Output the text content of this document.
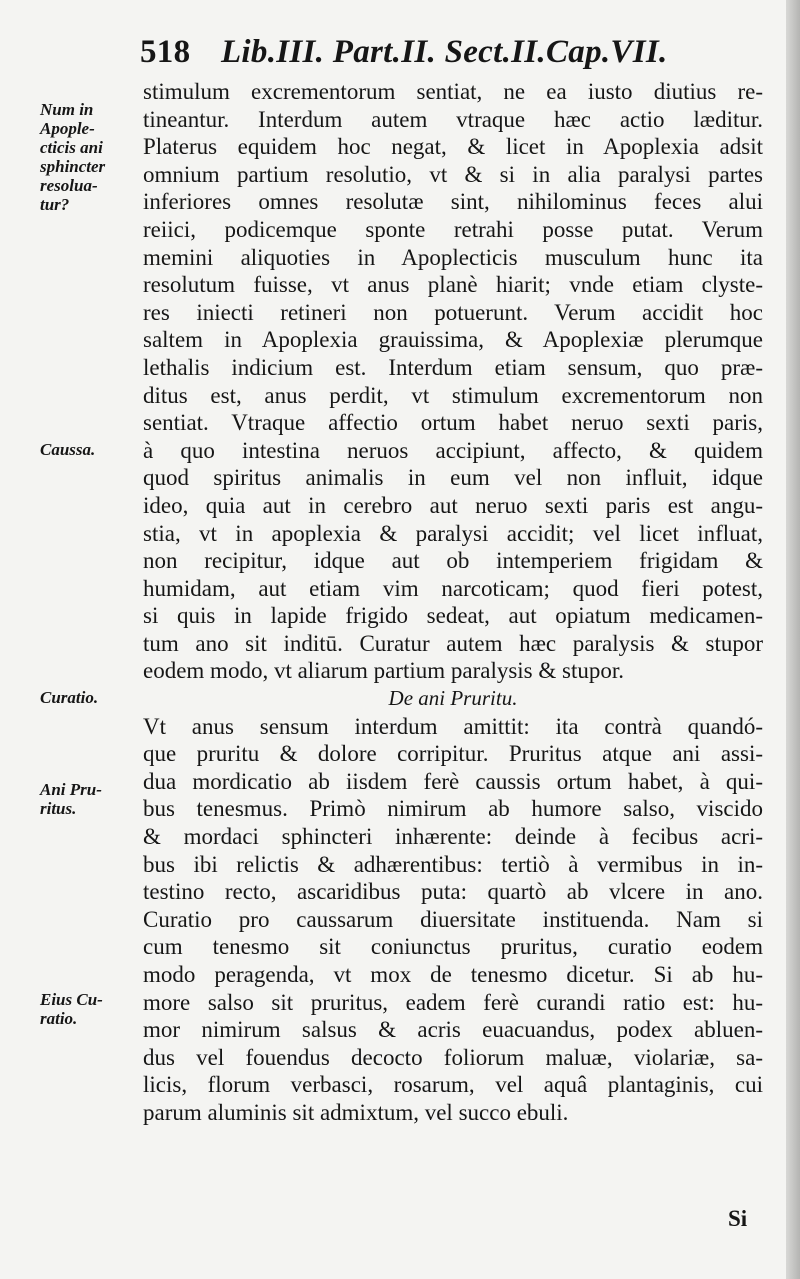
518 Lib.III. Part.II. Sect.II.Cap.VII.
stimulum excrementorum sentiat, ne ea iusto diutius re-
tineantur. Interdum autem vtraque hæc actio læditur.
Platerus equidem hoc negat, & licet in Apoplexia adsit
omnium partium resolutio, vt & si in alia paralysi partes
inferiores omnes resolutæ sint, nihilominus feces alui
reiici, podicemque sponte retrahi posse putat. Verum
memini aliquoties in Apoplecticis musculum hunc ita
resolutum fuisse, vt anus planè hiarit; vnde etiam clyste-
res iniecti retineri non potuerunt. Verum accidit hoc
saltem in Apoplexia grauissima, & Apoplexiæ plerumque
lethalis indicium est. Interdum etiam sensum, quo præ-
ditus est, anus perdit, vt stimulum excrementorum non
sentiat. Vtraque affectio ortum habet neruo sexti paris,
à quo intestina neruos accipiunt, affecto, & quidem
quod spiritus animalis in eum vel non influit, idque
ideo, quia aut in cerebro aut neruo sexti paris est angu-
stia, vt in apoplexia & paralysi accidit; vel licet influat,
non recipitur, idque aut ob intemperiem frigidam &
humidam, aut etiam vim narcoticam; quod fieri potest,
si quis in lapide frigido sedeat, aut opiatum medicamen-
tum ano sit inditū. Curatur autem hæc paralysis & stupor
eodem modo, vt aliarum partium paralysis & stupor.
De ani Pruritu.
Vt anus sensum interdum amittit: ita contrà quandó-
que pruritu & dolore corripitur. Pruritus atque ani assi-
dua mordicatio ab iisdem ferè caussis ortum habet, à qui-
bus tenesmus. Primò nimirum ab humore salso, viscido
& mordaci sphincteri inhærente: deinde à fecibus acri-
bus ibi relictis & adhærentibus: tertiò à vermibus in in-
testino recto, ascaridibus puta: quartò ab vlcere in ano.
Curatio pro caussarum diuersitate instituenda. Nam si
cum tenesmo sit coniunctus pruritus, curatio eodem
modo peragenda, vt mox de tenesmo dicetur. Si ab hu-
more salso sit pruritus, eadem ferè curandi ratio est: hu-
mor nimirum salsus & acris euacuandus, podex abluen-
dus vel fouendus decocto foliorum maluæ, violariæ, sa-
licis, florum verbasci, rosarum, vel aquâ plantaginis, cui
parum aluminis sit admixtum, vel succo ebuli.
Num in
Apople-
cticis ani
sphincter
resolua-
tur?
Caussa.
Curatio.
Ani Pru-
ritus.
Eius Cu-
ratio.
Si
